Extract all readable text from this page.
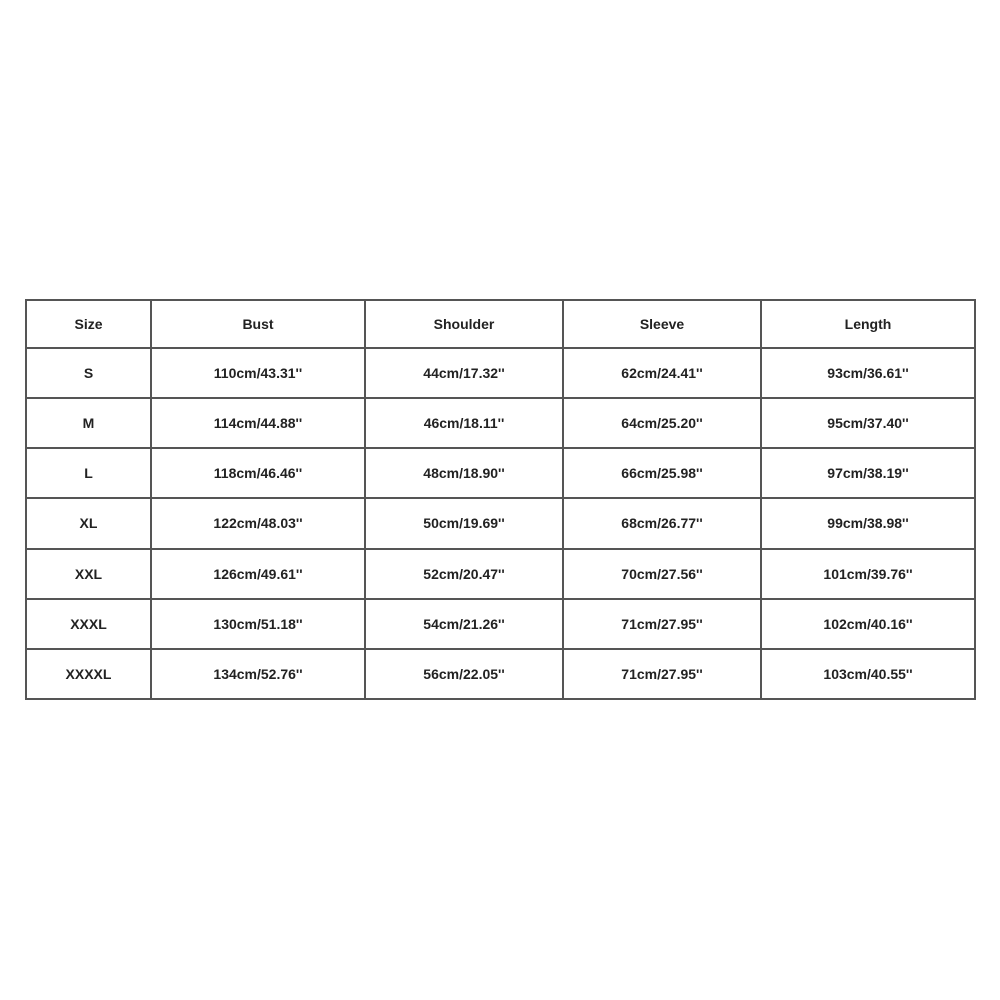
Size	Bust	Shoulder	Sleeve	Length
S	110cm/43.31''	44cm/17.32''	62cm/24.41''	93cm/36.61''
M	114cm/44.88''	46cm/18.11''	64cm/25.20''	95cm/37.40''
L	118cm/46.46''	48cm/18.90''	66cm/25.98''	97cm/38.19''
XL	122cm/48.03''	50cm/19.69''	68cm/26.77''	99cm/38.98''
XXL	126cm/49.61''	52cm/20.47''	70cm/27.56''	101cm/39.76''
XXXL	130cm/51.18''	54cm/21.26''	71cm/27.95''	102cm/40.16''
XXXXL	134cm/52.76''	56cm/22.05''	71cm/27.95''	103cm/40.55''
